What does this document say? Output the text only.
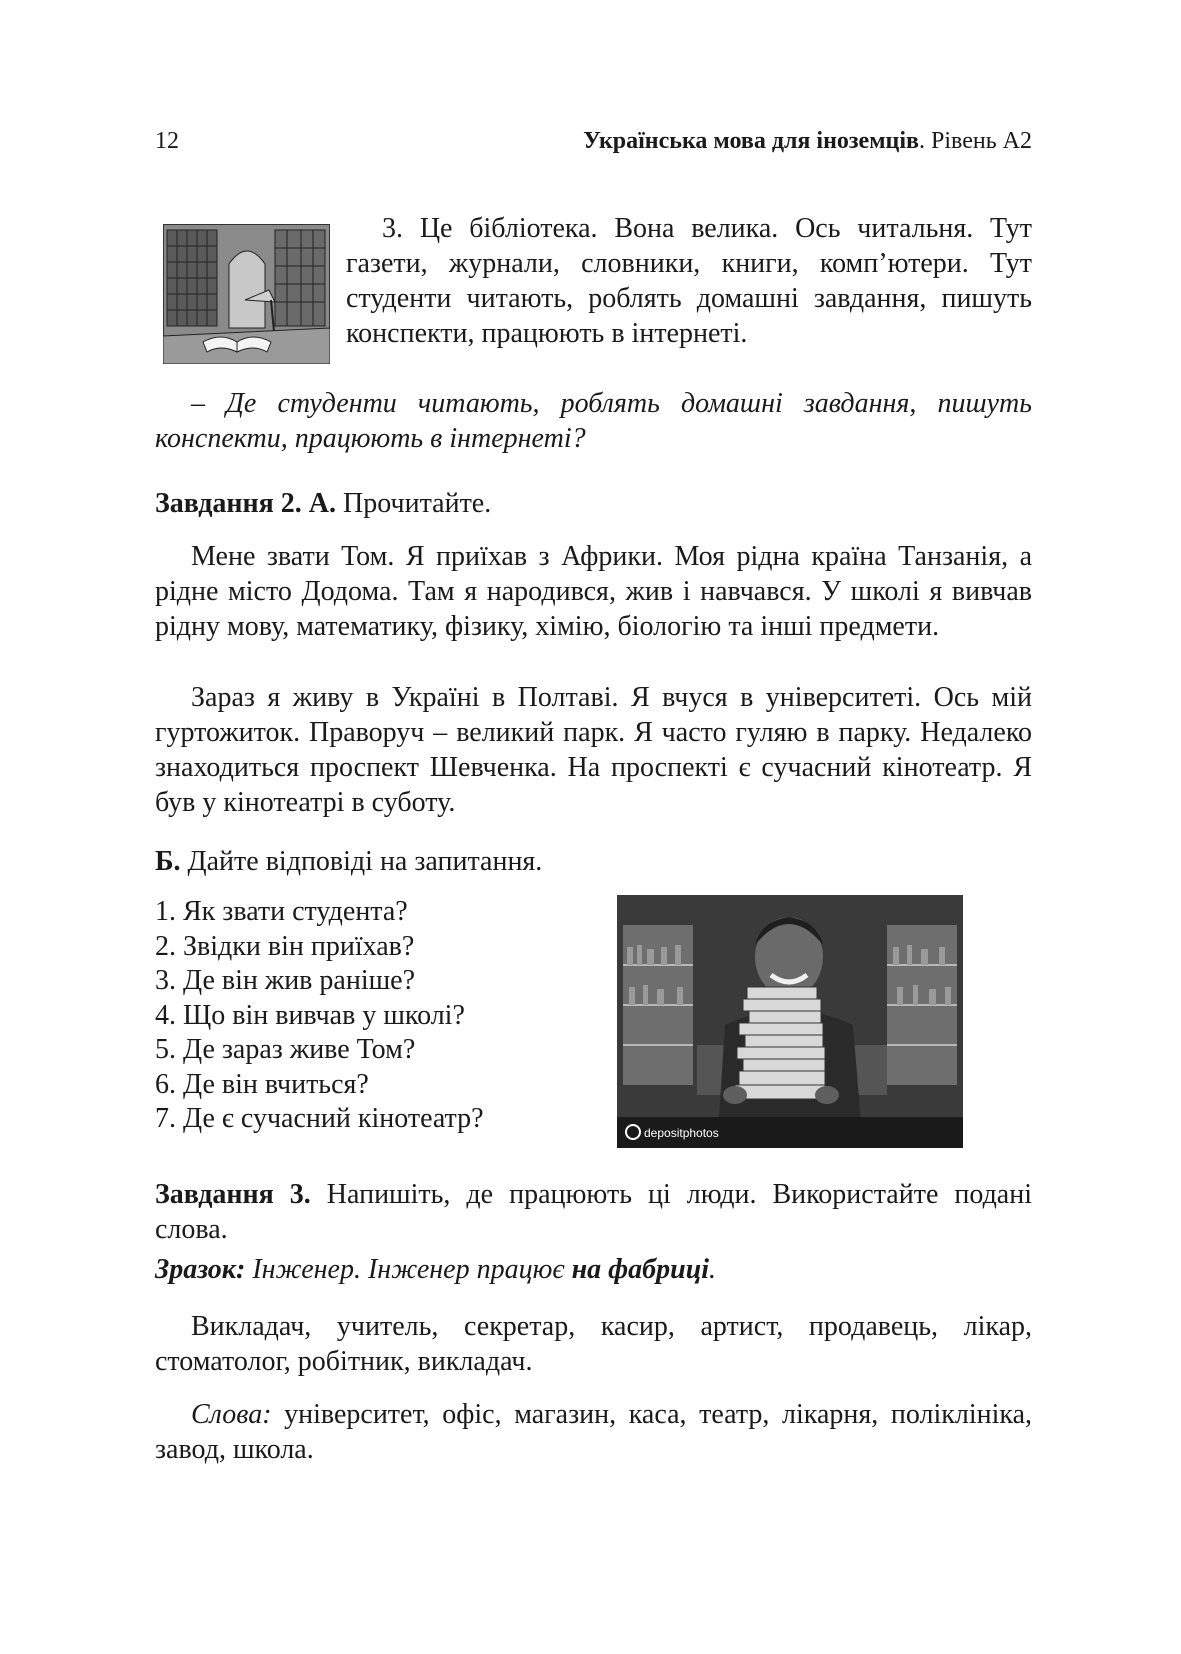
12	Українська мова для іноземців. Рівень А2

3. Це бібліотека. Вона велика. Ось читальня. Тут газети, журнали, словники, книги, комп’ютери. Тут студенти читають, роблять домашні завдання, пишуть конспекти, працюють в інтернеті.

– Де студенти читають, роблять домашні завдання, пишуть конспекти, працюють в інтернеті?

Завдання 2. А. Прочитайте.

Мене звати Том. Я приїхав з Африки. Моя рідна країна Танзанія, а рідне місто Додома. Там я народився, жив і навчався. У школі я вивчав рідну мову, математику, фізику, хімію, біологію та інші предмети.

Зараз я живу в Україні в Полтаві. Я вчуся в університеті. Ось мій гуртожиток. Праворуч – великий парк. Я часто гуляю в парку. Недалеко знаходиться проспект Шевченка. На проспекті є сучасний кінотеатр. Я був у кінотеатрі в суботу.

Б. Дайте відповіді на запитання.

1. Як звати студента?
2. Звідки він приїхав?
3. Де він жив раніше?
4. Що він вивчав у школі?
5. Де зараз живе Том?
6. Де він вчиться?
7. Де є сучасний кінотеатр?	depositphotos

Завдання 3. Напишіть, де працюють ці люди. Використайте подані слова.

Зразок: Інженер. Інженер працює на фабриці.

Викладач, учитель, секретар, касир, артист, продавець, лікар, стоматолог, робітник, викладач.

Слова: університет, офіс, магазин, каса, театр, лікарня, поліклініка, завод, школа.
